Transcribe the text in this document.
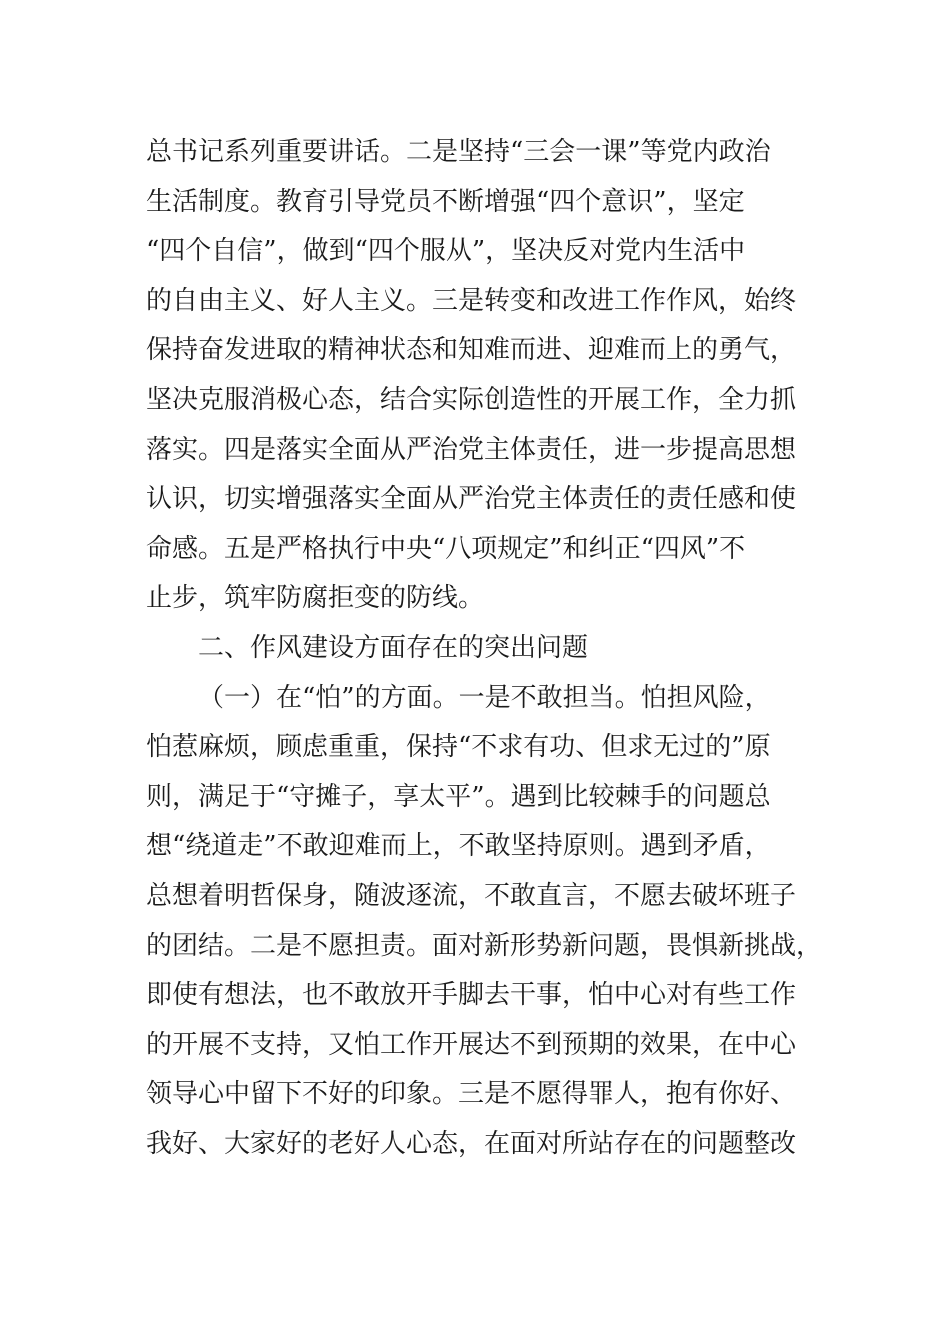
总书记系列重要讲话。二是坚持“三会一课”等党内政治
生活制度。教育引导党员不断增强“四个意识”，坚定
“四个自信”，做到“四个服从”，坚决反对党内生活中
的自由主义、好人主义。三是转变和改进工作作风，始终
保持奋发进取的精神状态和知难而进、迎难而上的勇气，
坚决克服消极心态，结合实际创造性的开展工作，全力抓
落实。四是落实全面从严治党主体责任，进一步提高思想
认识，切实增强落实全面从严治党主体责任的责任感和使
命感。五是严格执行中央“八项规定”和纠正“四风”不
止步，筑牢防腐拒变的防线。
二、作风建设方面存在的突出问题
（一）在“怕”的方面。一是不敢担当。怕担风险，
怕惹麻烦，顾虑重重，保持“不求有功、但求无过的”原
则，满足于“守摊子，享太平”。遇到比较棘手的问题总
想“绕道走”不敢迎难而上，不敢坚持原则。遇到矛盾，
总想着明哲保身，随波逐流，不敢直言，不愿去破坏班子
的团结。二是不愿担责。面对新形势新问题，畏惧新挑战，
即使有想法，也不敢放开手脚去干事，怕中心对有些工作
的开展不支持，又怕工作开展达不到预期的效果，在中心
领导心中留下不好的印象。三是不愿得罪人，抱有你好、
我好、大家好的老好人心态，在面对所站存在的问题整改
